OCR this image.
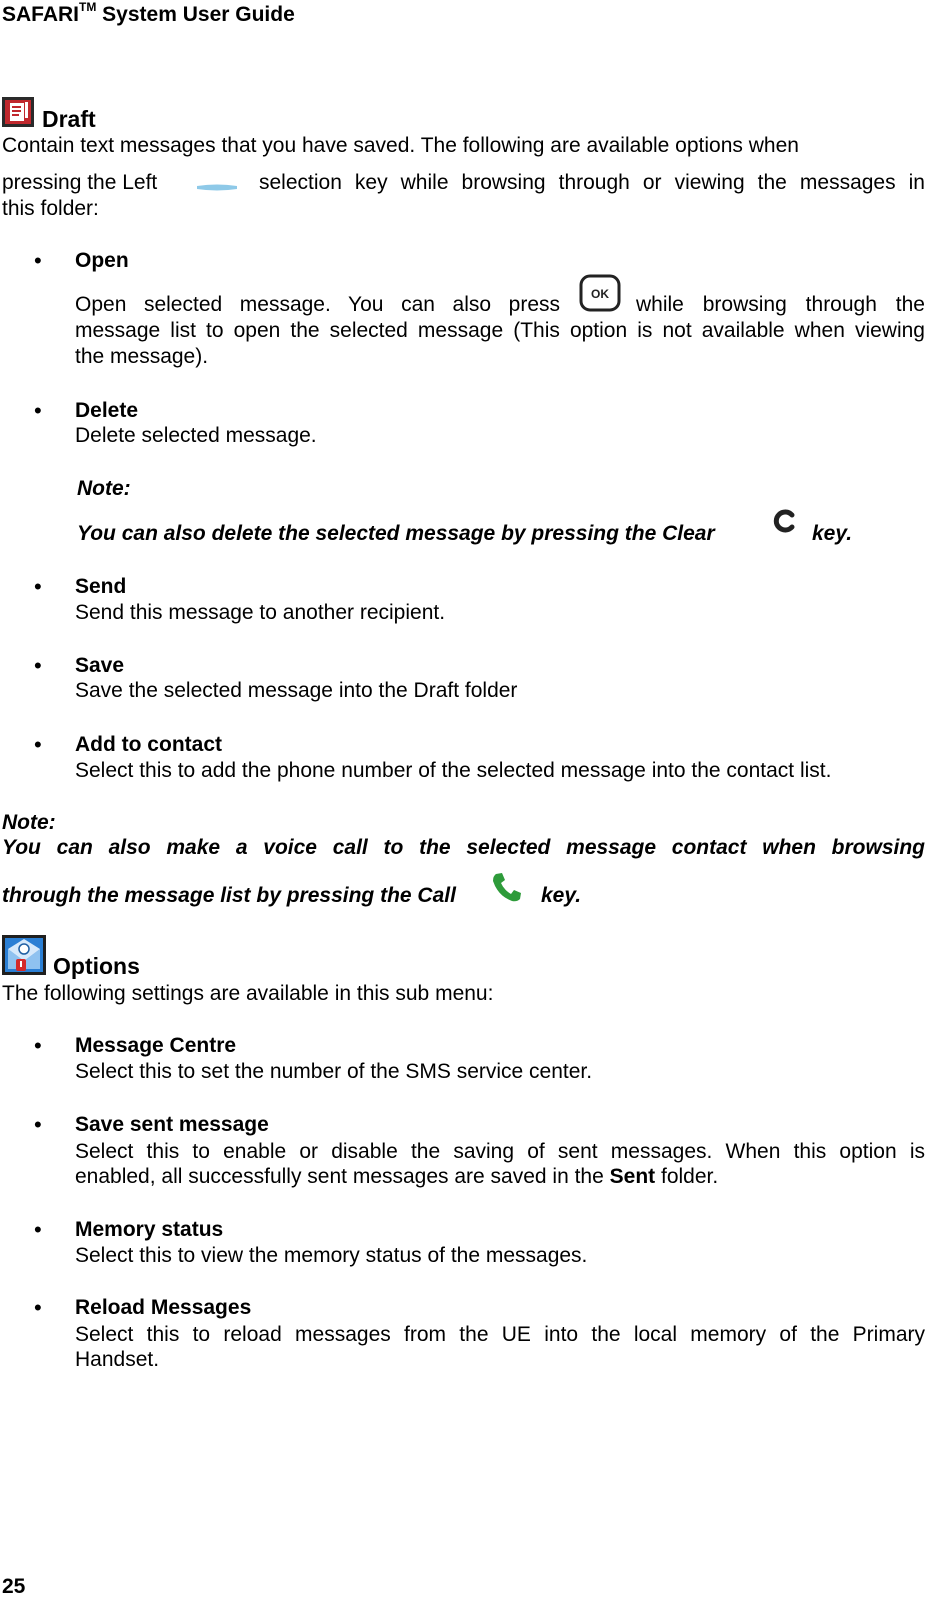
SAFARI™ System User Guide
Draft
Contain text messages that you have saved. The following are available options when
pressing the Left	selection key while browsing through or viewing the messages in
this folder:
• Open
Open selected message. You can also press	OK while browsing through the
message list to open the selected message (This option is not available when viewing
the message).
• Delete
Delete selected message.
Note:
You can also delete the selected message by pressing the Clear	key.
• Send
Send this message to another recipient.
• Save
Save the selected message into the Draft folder
• Add to contact
Select this to add the phone number of the selected message into the contact list.
Note:
You can also make a voice call to the selected message contact when browsing
through the message list by pressing the Call	key.
Options
The following settings are available in this sub menu:
• Message Centre
Select this to set the number of the SMS service center.
• Save sent message
Select this to enable or disable the saving of sent messages. When this option is
enabled, all successfully sent messages are saved in the Sent folder.
• Memory status
Select this to view the memory status of the messages.
• Reload Messages
Select this to reload messages from the UE into the local memory of the Primary
Handset.
25
